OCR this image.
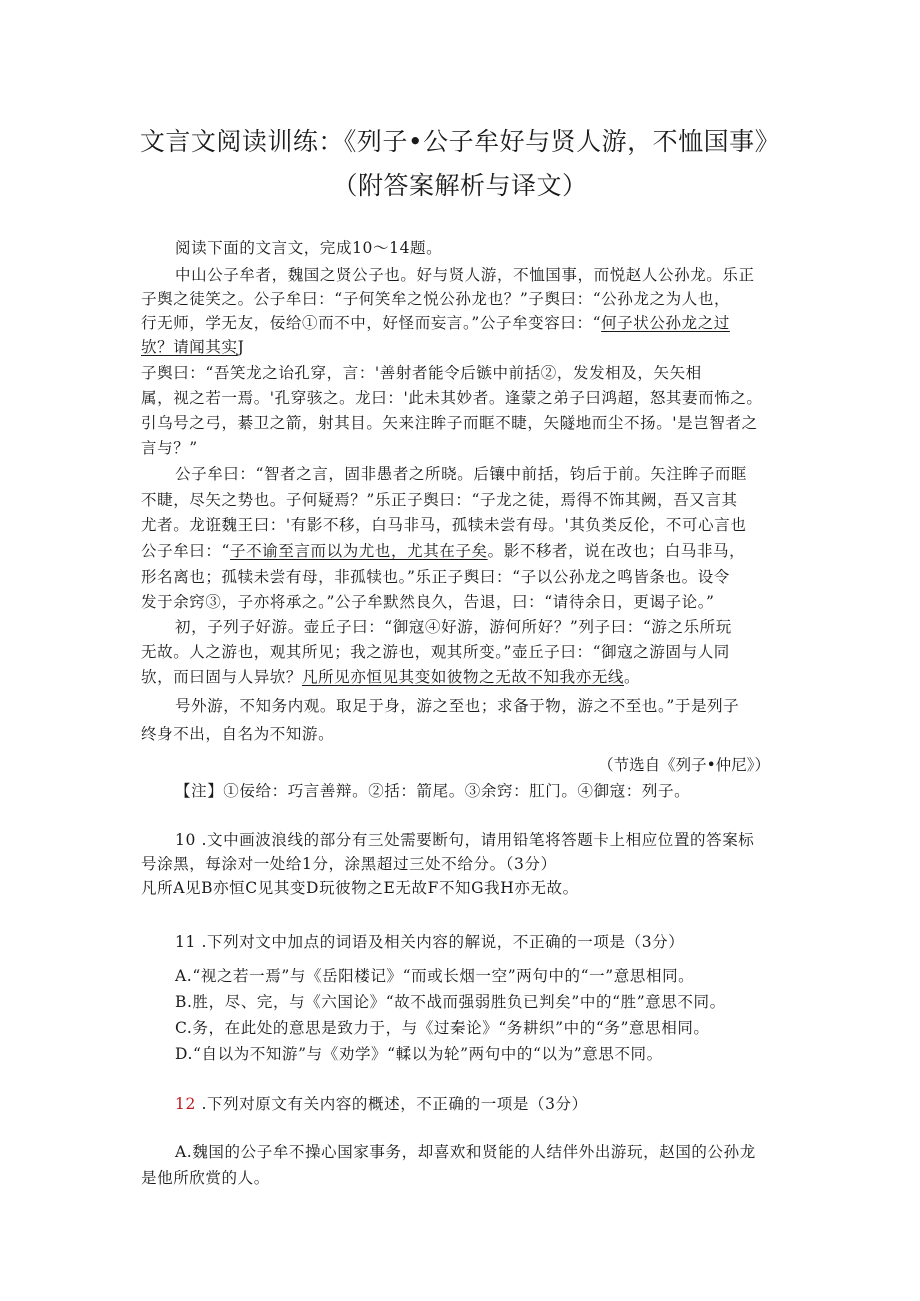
文言文阅读训练：《列子•公子牟好与贤人游，不恤国事》
（附答案解析与译文）
阅读下面的文言文，完成10～14题。
中山公子牟者，魏国之贤公子也。好与贤人游，不恤国事，而悦赵人公孙龙。乐正
子舆之徒笑之。公子牟曰：“子何笑牟之悦公孙龙也？”子舆曰：“公孙龙之为人也，
行无师，学无友，佞给①而不中，好怪而妄言。”公子牟变容曰：“何子状公孙龙之过
欤？请闻其实J
子舆曰：“吾笑龙之诒孔穿，言：'善射者能令后镞中前括②，发发相及，矢矢相
属，视之若一焉。'孔穿骇之。龙曰：'此未其妙者。逢蒙之弟子曰鸿超，怒其妻而怖之。
引乌号之弓，綦卫之箭，射其目。矢来注眸子而眶不睫，矢隧地而尘不扬。'是岂智者之
言与？”
公子牟曰：“智者之言，固非愚者之所晓。后镶中前括，钧后于前。矢注眸子而眶
不睫，尽矢之势也。子何疑焉？”乐正子舆曰：“子龙之徒，焉得不饰其阙，吾又言其
尤者。龙诳魏王曰：'有影不移，白马非马，孤犊未尝有母。'其负类反伦，不可心言也
公子牟曰：“子不谕至言而以为尤也，尤其在子矣。影不移者，说在改也；白马非马，
形名离也；孤犊未尝有母，非孤犊也。”乐正子舆曰：“子以公孙龙之鸣皆条也。设令
发于余窍③，子亦将承之。”公子牟默然良久，告退，曰：“请待余日，更谒子论。”
初，子列子好游。壶丘子曰：“御寇④好游，游何所好？”列子曰：“游之乐所玩
无故。人之游也，观其所见；我之游也，观其所变。”壶丘子曰：“御寇之游固与人同
欤，而曰固与人异欤？凡所见亦恒见其变如彼物之无故不知我亦无线。
号外游，不知务内观。取足于身，游之至也；求备于物，游之不至也。”于是列子
终身不出，自名为不知游。
（节选自《列子•仲尼》）
【注】①佞给：巧言善辩。②括：箭尾。③余窍：肛门。④御寇：列子。
10 .文中画波浪线的部分有三处需要断句，请用铅笔将答题卡上相应位置的答案标
号涂黑，每涂对一处给1分，涂黑超过三处不给分。（3分）
凡所A见B亦恒C见其变D玩彼物之E无故F不知G我H亦无故。
11 .下列对文中加点的词语及相关内容的解说，不正确的一项是（3分）
A.“视之若一焉”与《岳阳楼记》“而或长烟一空”两句中的“一”意思相同。
B.胜，尽、完，与《六国论》“故不战而强弱胜负已判矣”中的“胜”意思不同。
C.务，在此处的意思是致力于，与《过秦论》“务耕织”中的“务”意思相同。
D.“自以为不知游”与《劝学》“輮以为轮”两句中的“以为”意思不同。
12 .下列对原文有关内容的概述，不正确的一项是（3分）
A.魏国的公子牟不操心国家事务，却喜欢和贤能的人结伴外出游玩，赵国的公孙龙
是他所欣赏的人。
